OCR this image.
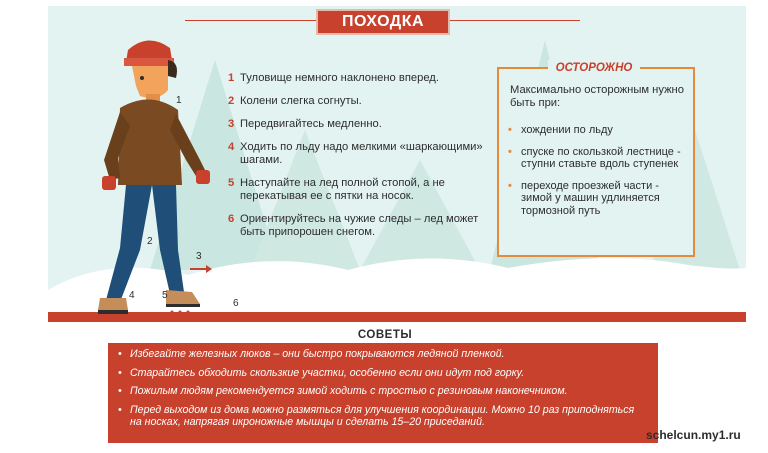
ПОХОДКА
1
2
3
4	5
6
1 Туловище немного наклонено вперед.
2 Колени слегка согнуты.
3 Передвигайтесь медленно.
4 Ходить по льду надо мелкими «шаркающими» шагами.
5 Наступайте на лед полной стопой, а не перекатывая ее с пятки на носок.
6 Ориентируйтесь на чужие следы – лед может быть припорошен снегом.
ОСТОРОЖНО
Максимально осторожным нужно быть при:
• хождении по льду
• спуске по скользкой лестнице - ступни ставьте вдоль ступенек
• переходе проезжей части - зимой у машин удлиняется тормозной путь
СОВЕТЫ
• Избегайте железных люков – они быстро покрываются ледяной пленкой.
• Старайтесь обходить скользкие участки, особенно если они идут под горку.
• Пожилым людям рекомендуется зимой ходить с тростью с резиновым наконечником.
• Перед выходом из дома можно размяться для улучшения координации. Можно 10 раз приподняться на носках, напрягая икроножные мышцы и сделать 15–20 приседаний.
schelcun.my1.ru
